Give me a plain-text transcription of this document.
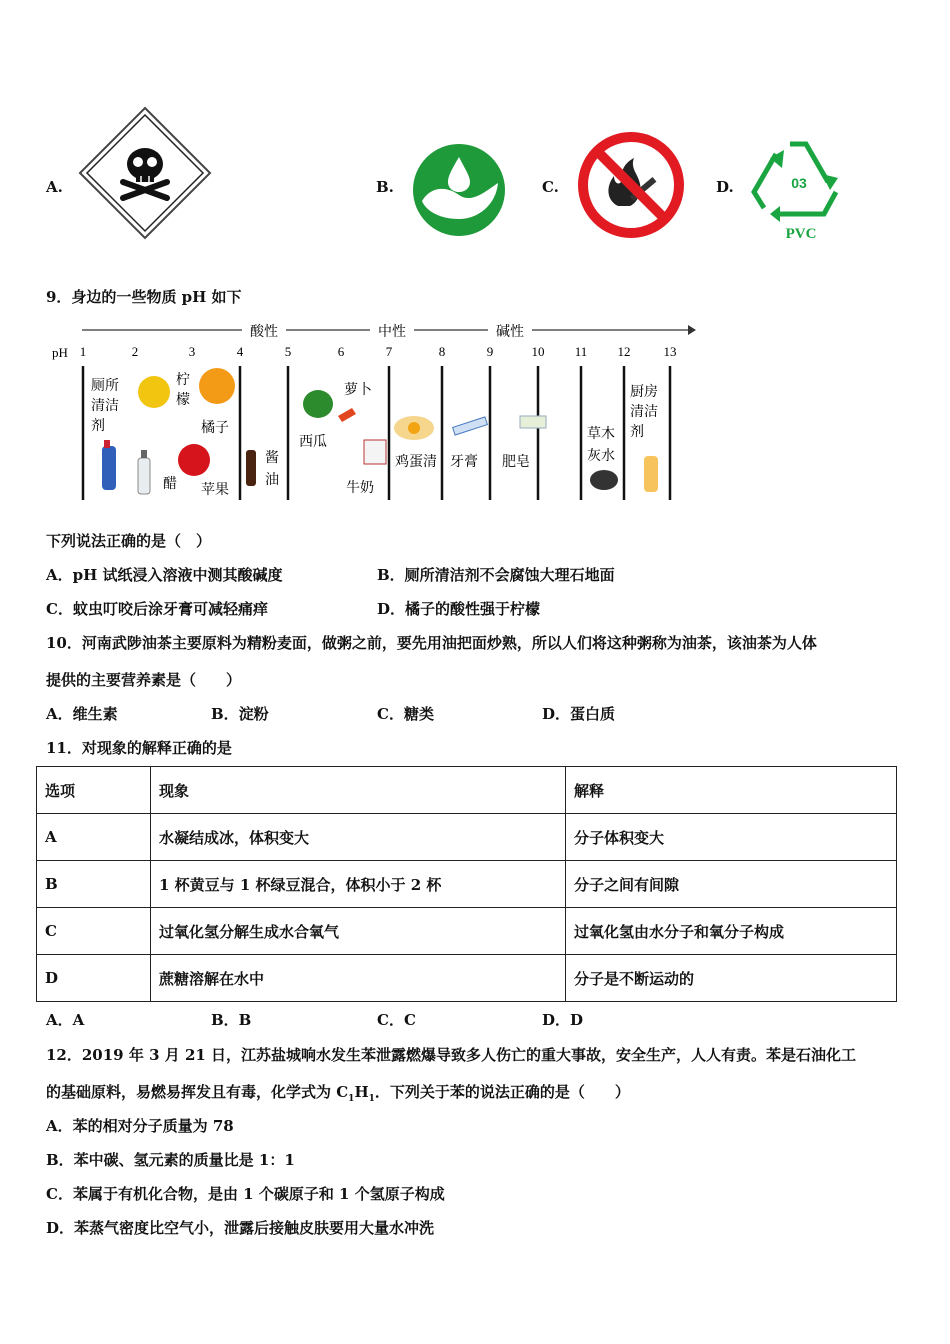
A.	B.	C.	D.	03
PVC
9．身边的一些物质 pH 如下
酸性	中性	碱性
pH 1	2	3	4	5	6	7	8	9	10 11 12	13
厕所
清洁
剂
柠
檬
橘子
醋 苹果
酱
油
西瓜
萝卜
牛奶
鸡蛋清 牙膏 肥皂
草木
灰水
厨房
清洁
剂
下列说法正确的是（　）
A．pH 试纸浸入溶液中测其酸碱度	B．厕所清洁剂不会腐蚀大理石地面
C．蚊虫叮咬后涂牙膏可减轻痛痒	D．橘子的酸性强于柠檬
10．河南武陟油茶主要原料为精粉麦面，做粥之前，要先用油把面炒熟，所以人们将这种粥称为油茶，该油茶为人体
提供的主要营养素是（　　）
A．维生素	B．淀粉	C．糖类	D．蛋白质
11．对现象的解释正确的是
选项	现象	解释
A	水凝结成冰，体积变大	分子体积变大
B	1 杯黄豆与 1 杯绿豆混合，体积小于 2 杯	分子之间有间隙
C	过氧化氢分解生成水合氧气	过氧化氢由水分子和氧分子构成
D	蔗糖溶解在水中	分子是不断运动的
A．A	B．B	C．C	D．D
12．2019 年 3 月 21 日，江苏盐城响水发生苯泄露燃爆导致多人伤亡的重大事故，安全生产，人人有责。苯是石油化工
的基础原料，易燃易挥发且有毒，化学式为 $C_1H_1$．下列关于苯的说法正确的是（　　）
A．苯的相对分子质量为 78
B．苯中碳、氢元素的质量比是 1：1
C．苯属于有机化合物，是由 1 个碳原子和 1 个氢原子构成
D．苯蒸气密度比空气小，泄露后接触皮肤要用大量水冲洗
